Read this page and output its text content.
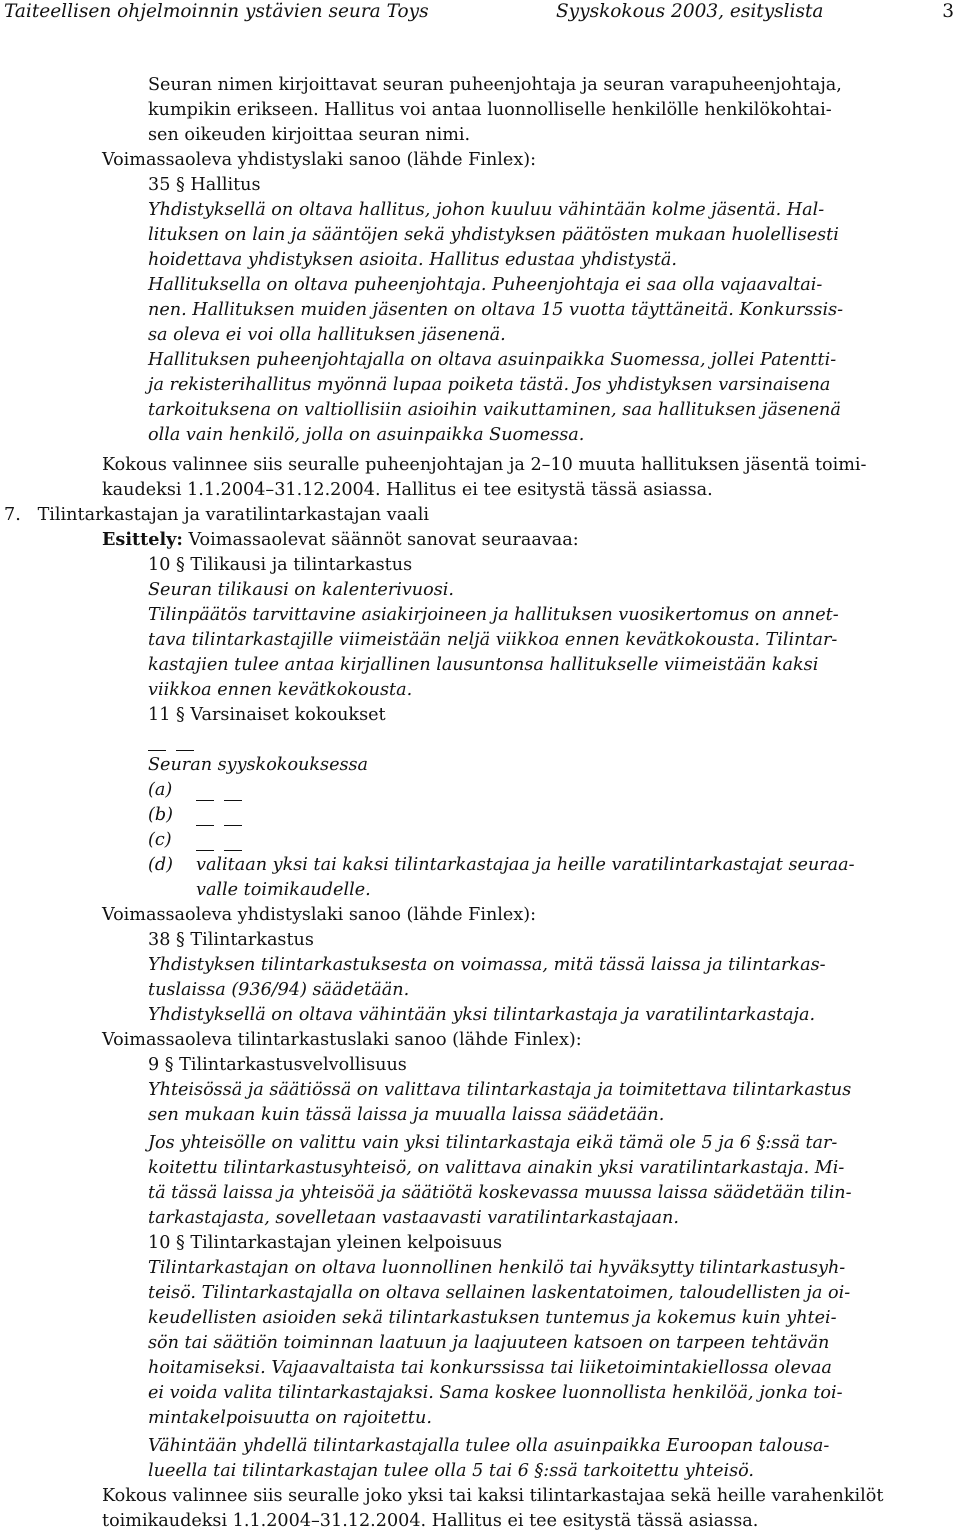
Taiteellisen ohjelmoinnin ystävien seura Toys	Syyskokous 2003, esityslista	3
Seuran nimen kirjoittavat seuran puheenjohtaja ja seuran varapuheenjohtaja,
kumpikin erikseen. Hallitus voi antaa luonnolliselle henkilölle henkilökohtai-
sen oikeuden kirjoittaa seuran nimi.
Voimassaoleva yhdistyslaki sanoo (lähde Finlex):
35 § Hallitus
Yhdistyksellä on oltava hallitus, johon kuuluu vähintään kolme jäsentä. Hal-
lituksen on lain ja sääntöjen sekä yhdistyksen päätösten mukaan huolellisesti
hoidettava yhdistyksen asioita. Hallitus edustaa yhdistystä.
Hallituksella on oltava puheenjohtaja. Puheenjohtaja ei saa olla vajaavaltai-
nen. Hallituksen muiden jäsenten on oltava 15 vuotta täyttäneitä. Konkurssis-
sa oleva ei voi olla hallituksen jäsenenä.
Hallituksen puheenjohtajalla on oltava asuinpaikka Suomessa, jollei Patentti-
ja rekisterihallitus myönnä lupaa poiketa tästä. Jos yhdistyksen varsinaisena
tarkoituksena on valtiollisiin asioihin vaikuttaminen, saa hallituksen jäsenenä
olla vain henkilö, jolla on asuinpaikka Suomessa.
Kokous valinnee siis seuralle puheenjohtajan ja 2–10 muuta hallituksen jäsentä toimi-
kaudeksi 1.1.2004–31.12.2004. Hallitus ei tee esitystä tässä asiassa.
7.   Tilintarkastajan ja varatilintarkastajan vaali
Esittely: Voimassaolevat säännöt sanovat seuraavaa:
10 § Tilikausi ja tilintarkastus
Seuran tilikausi on kalenterivuosi.
Tilinpäätös tarvittavine asiakirjoineen ja hallituksen vuosikertomus on annet-
tava tilintarkastajille viimeistään neljä viikkoa ennen kevätkokousta. Tilintar-
kastajien tulee antaa kirjallinen lausuntonsa hallitukselle viimeistään kaksi
viikkoa ennen kevätkokousta.
11 § Varsinaiset kokoukset
Seuran syyskokouksessa
(a)
(b)
(c)
(d) valitaan yksi tai kaksi tilintarkastajaa ja heille varatilintarkastajat seuraa-
valle toimikaudelle.
Voimassaoleva yhdistyslaki sanoo (lähde Finlex):
38 § Tilintarkastus
Yhdistyksen tilintarkastuksesta on voimassa, mitä tässä laissa ja tilintarkas-
tuslaissa (936/94) säädetään.
Yhdistyksellä on oltava vähintään yksi tilintarkastaja ja varatilintarkastaja.
Voimassaoleva tilintarkastuslaki sanoo (lähde Finlex):
9 § Tilintarkastusvelvollisuus
Yhteisössä ja säätiössä on valittava tilintarkastaja ja toimitettava tilintarkastus
sen mukaan kuin tässä laissa ja muualla laissa säädetään.
Jos yhteisölle on valittu vain yksi tilintarkastaja eikä tämä ole 5 ja 6 §:ssä tar-
koitettu tilintarkastusyhteisö, on valittava ainakin yksi varatilintarkastaja. Mi-
tä tässä laissa ja yhteisöä ja säätiötä koskevassa muussa laissa säädetään tilin-
tarkastajasta, sovelletaan vastaavasti varatilintarkastajaan.
10 § Tilintarkastajan yleinen kelpoisuus
Tilintarkastajan on oltava luonnollinen henkilö tai hyväksytty tilintarkastusyh-
teisö. Tilintarkastajalla on oltava sellainen laskentatoimen, taloudellisten ja oi-
keudellisten asioiden sekä tilintarkastuksen tuntemus ja kokemus kuin yhtei-
sön tai säätiön toiminnan laatuun ja laajuuteen katsoen on tarpeen tehtävän
hoitamiseksi. Vajaavaltaista tai konkurssissa tai liiketoimintakiellossa olevaa
ei voida valita tilintarkastajaksi. Sama koskee luonnollista henkilöä, jonka toi-
mintakelpoisuutta on rajoitettu.
Vähintään yhdellä tilintarkastajalla tulee olla asuinpaikka Euroopan talousa-
lueella tai tilintarkastajan tulee olla 5 tai 6 §:ssä tarkoitettu yhteisö.
Kokous valinnee siis seuralle joko yksi tai kaksi tilintarkastajaa sekä heille varahenkilöt
toimikaudeksi 1.1.2004–31.12.2004. Hallitus ei tee esitystä tässä asiassa.
